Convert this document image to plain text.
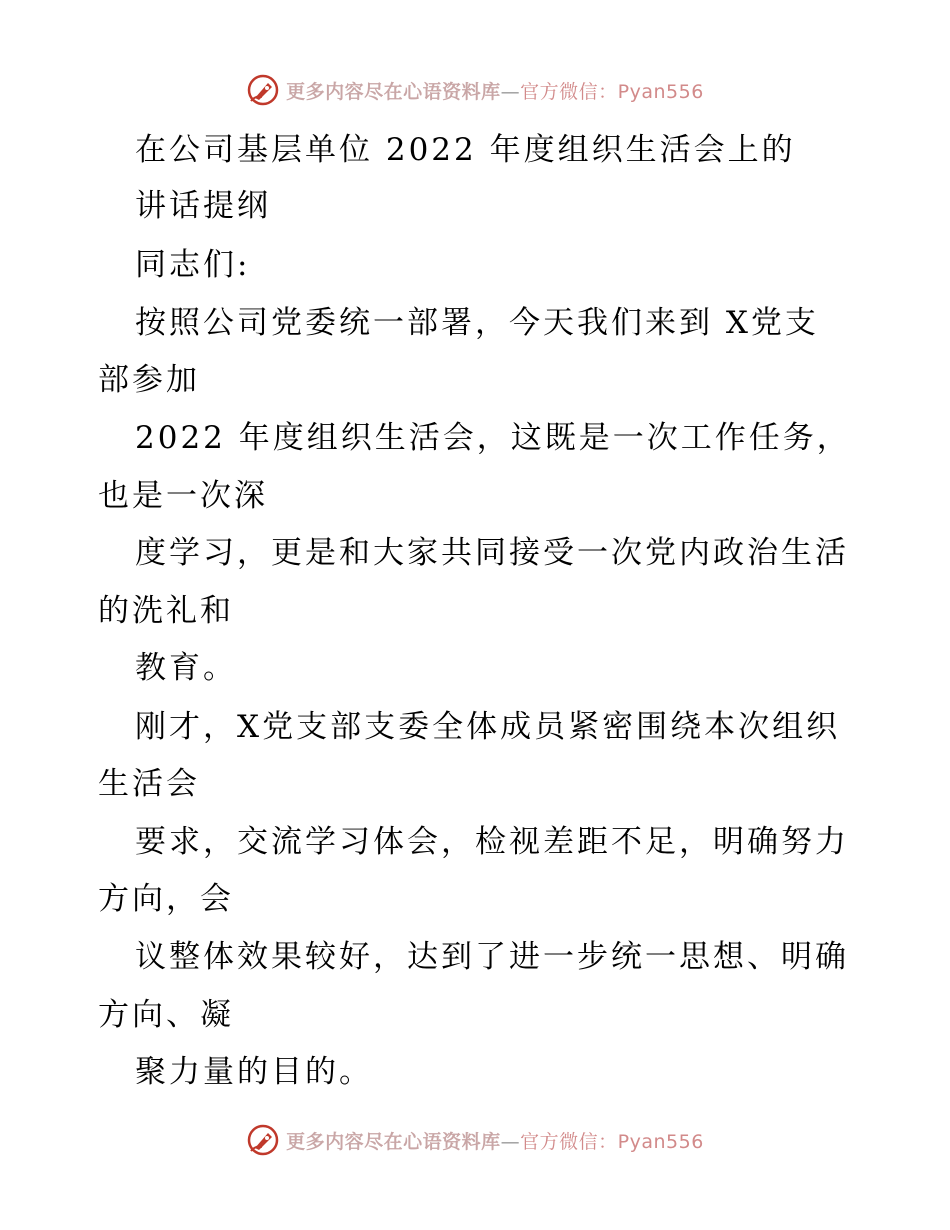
更多内容尽在心语资料库—官方微信：Pyan556
在公司基层单位 2022 年度组织生活会上的
讲话提纲
同志们:
按照公司党委统一部署，今天我们来到 X党支
部参加
2022 年度组织生活会，这既是一次工作任务，
也是一次深
度学习，更是和大家共同接受一次党内政治生活
的洗礼和
教育。
刚才，X党支部支委全体成员紧密围绕本次组织
生活会
要求，交流学习体会，检视差距不足，明确努力
方向，会
议整体效果较好，达到了进一步统一思想、明确
方向、凝
聚力量的目的。
更多内容尽在心语资料库—官方微信：Pyan556
